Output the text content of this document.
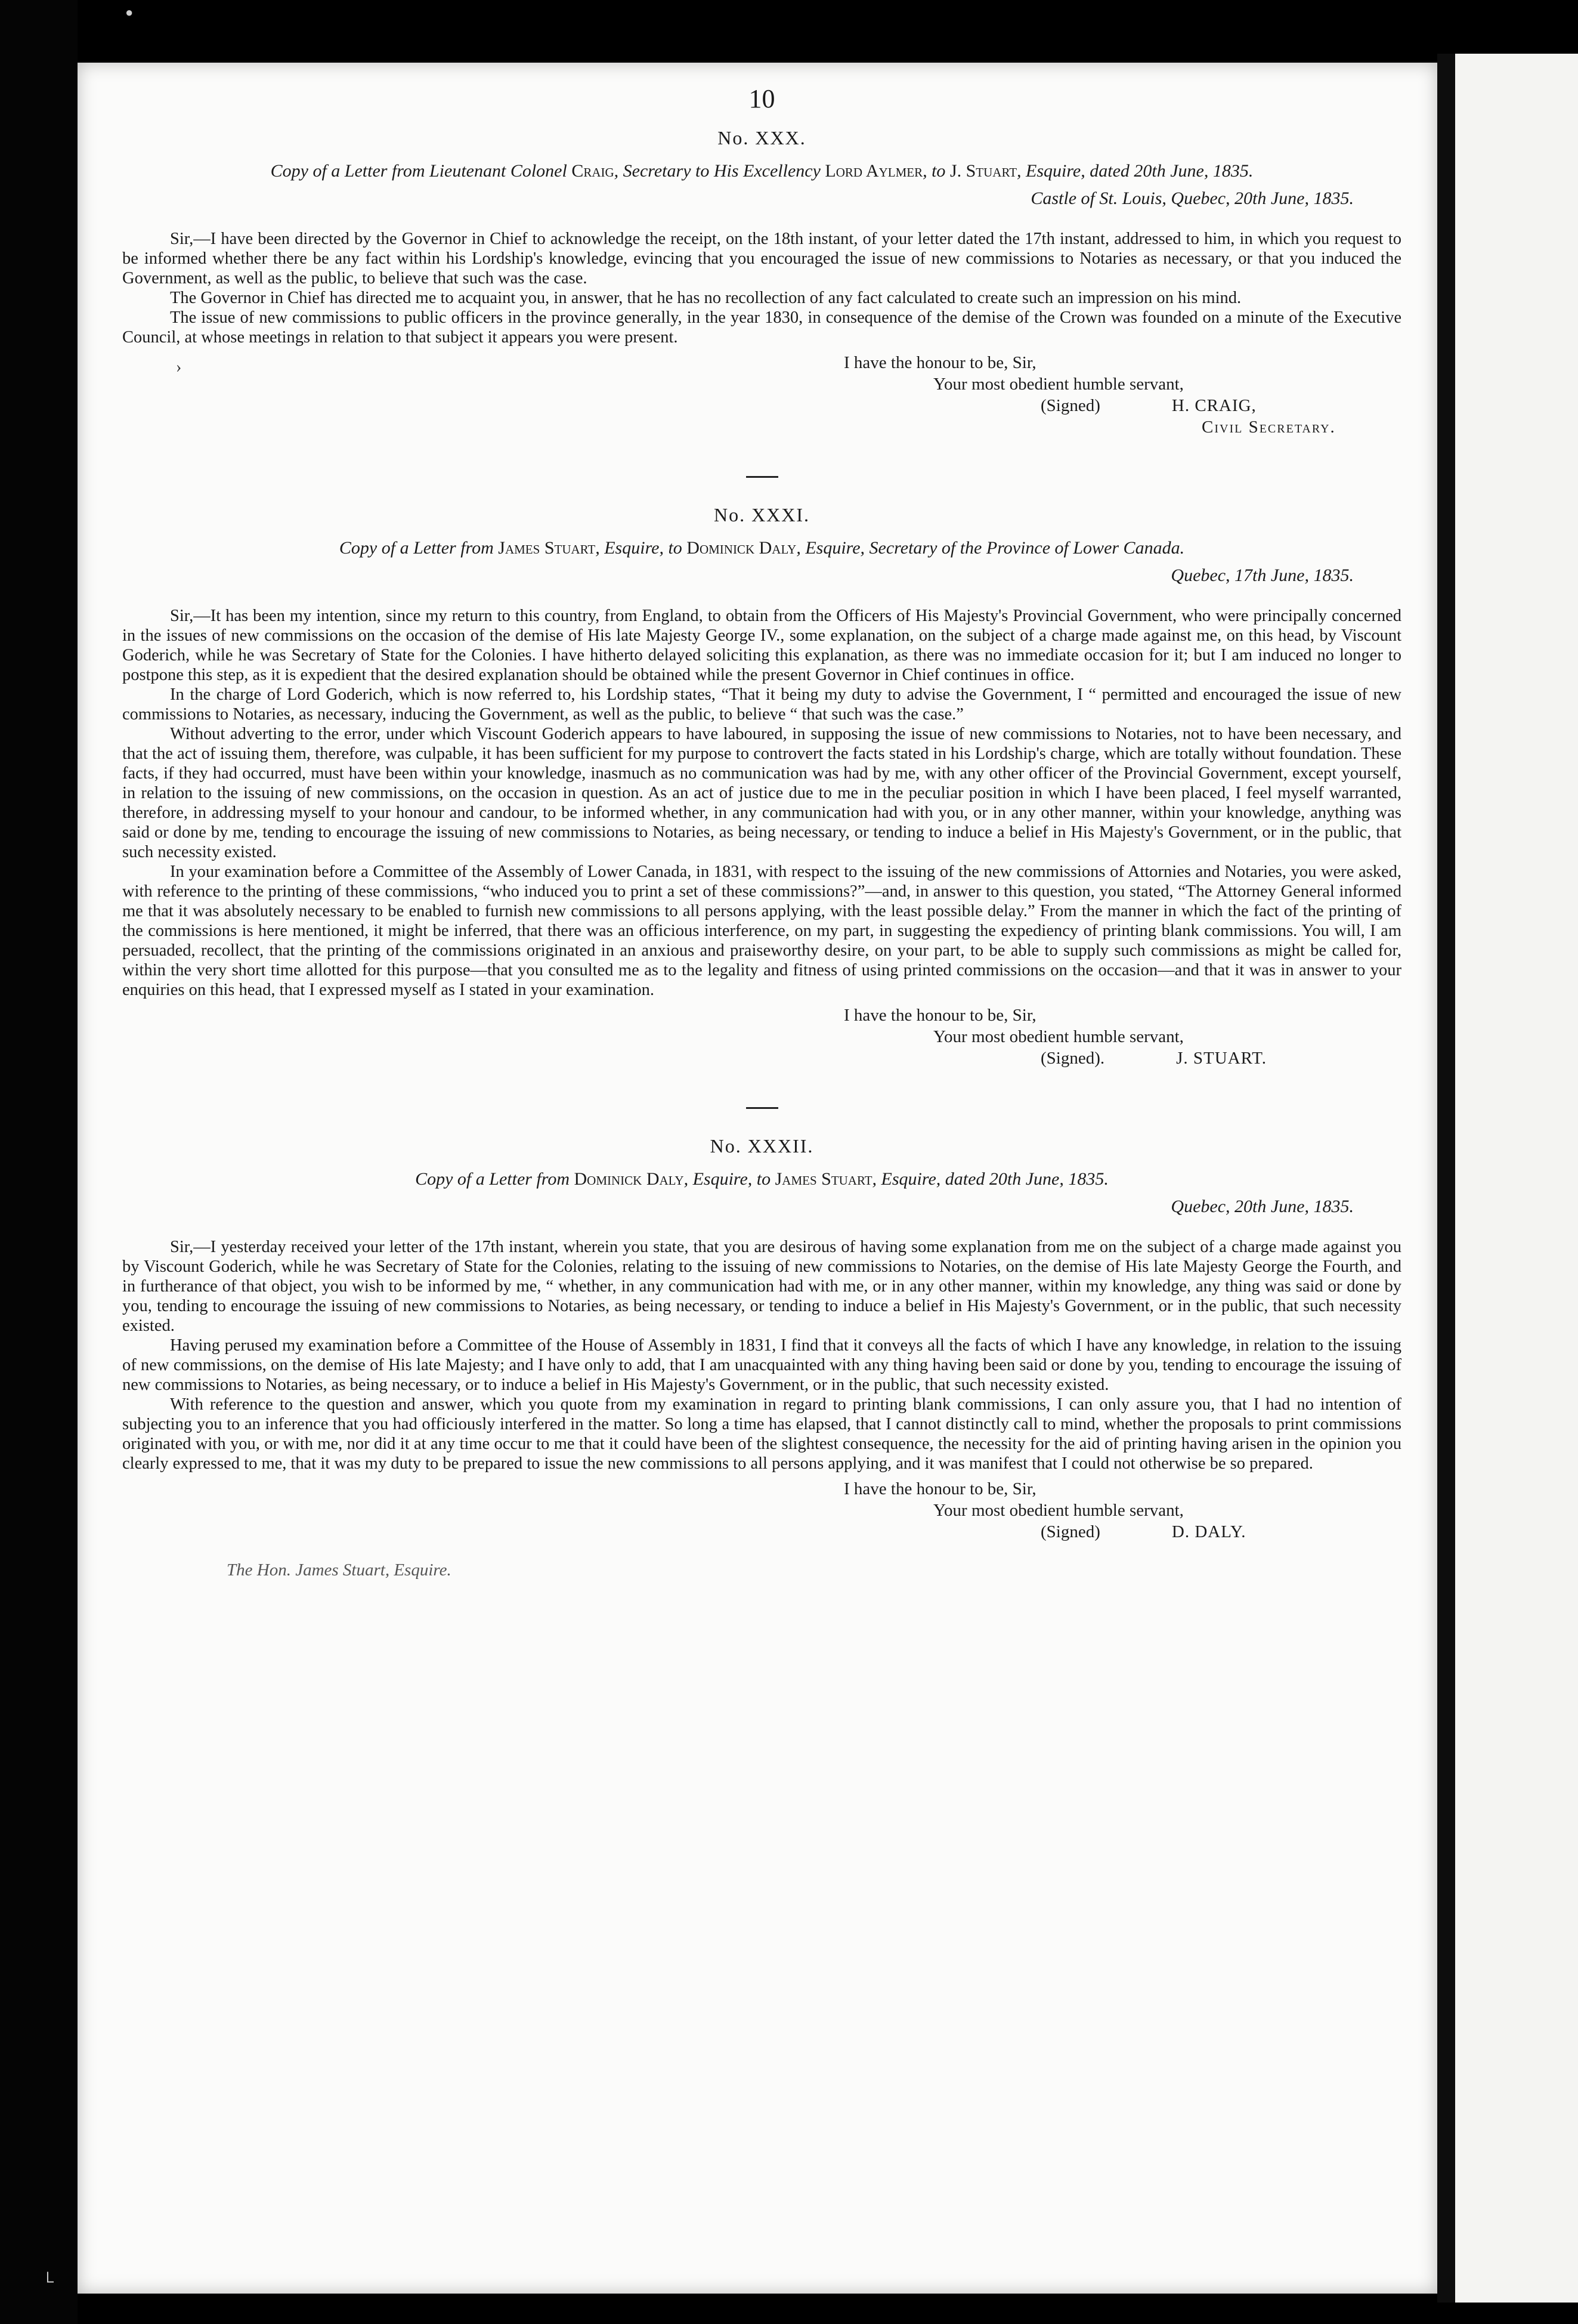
10
No. XXX.
Copy of a Letter from Lieutenant Colonel Craig, Secretary to His Excellency Lord Aylmer, to J. Stuart, Esquire, dated 20th June, 1835.
Castle of St. Louis, Quebec, 20th June, 1835.

Sir,—I have been directed by the Governor in Chief to acknowledge the receipt, on the 18th instant, of your letter dated the 17th instant, addressed to him, in which you request to be informed whether there be any fact within his Lordship's knowledge, evincing that you encouraged the issue of new commissions to Notaries as necessary, or that you induced the Government, as well as the public, to believe that such was the case.

The Governor in Chief has directed me to acquaint you, in answer, that he has no recollection of any fact calculated to create such an impression on his mind.

The issue of new commissions to public officers in the province generally, in the year 1830, in consequence of the demise of the Crown was founded on a minute of the Executive Council, at whose meetings in relation to that subject it appears you were present.

I have the honour to be, Sir,
Your most obedient humble servant,
(Signed)	H. CRAIG,
Civil Secretary.
No. XXXI.
Copy of a Letter from James Stuart, Esquire, to Dominick Daly, Esquire, Secretary of the Province of Lower Canada.
Quebec, 17th June, 1835.

Sir,—It has been my intention, since my return to this country, from England, to obtain from the Officers of His Majesty's Provincial Government, who were principally concerned in the issues of new commissions on the occasion of the demise of His late Majesty George IV., some explanation, on the subject of a charge made against me, on this head, by Viscount Goderich, while he was Secretary of State for the Colonies. I have hitherto delayed soliciting this explanation, as there was no immediate occasion for it; but I am induced no longer to postpone this step, as it is expedient that the desired explanation should be obtained while the present Governor in Chief continues in office.

In the charge of Lord Goderich, which is now referred to, his Lordship states, “That it being my duty to advise the Government, I “ permitted and encouraged the issue of new commissions to Notaries, as necessary, inducing the Government, as well as the public, to believe “ that such was the case.”

Without adverting to the error, under which Viscount Goderich appears to have laboured, in supposing the issue of new commissions to Notaries, not to have been necessary, and that the act of issuing them, therefore, was culpable, it has been sufficient for my purpose to controvert the facts stated in his Lordship's charge, which are totally without foundation. These facts, if they had occurred, must have been within your knowledge, inasmuch as no communication was had by me, with any other officer of the Provincial Government, except yourself, in relation to the issuing of new commissions, on the occasion in question. As an act of justice due to me in the peculiar position in which I have been placed, I feel myself warranted, therefore, in addressing myself to your honour and candour, to be informed whether, in any communication had with you, or in any other manner, within your knowledge, anything was said or done by me, tending to encourage the issuing of new commissions to Notaries, as being necessary, or tending to induce a belief in His Majesty's Government, or in the public, that such necessity existed.

In your examination before a Committee of the Assembly of Lower Canada, in 1831, with respect to the issuing of the new commissions of Attornies and Notaries, you were asked, with reference to the printing of these commissions, “who induced you to print a set of these commissions?”—and, in answer to this question, you stated, “The Attorney General informed me that it was absolutely necessary to be enabled to furnish new commissions to all persons applying, with the least possible delay.” From the manner in which the fact of the printing of the commissions is here mentioned, it might be inferred, that there was an officious interference, on my part, in suggesting the expediency of printing blank commissions. You will, I am persuaded, recollect, that the printing of the commissions originated in an anxious and praiseworthy desire, on your part, to be able to supply such commissions as might be called for, within the very short time allotted for this purpose—that you consulted me as to the legality and fitness of using printed commissions on the occasion—and that it was in answer to your enquiries on this head, that I expressed myself as I stated in your examination.

I have the honour to be, Sir,
Your most obedient humble servant,
(Signed).	J. STUART.
No. XXXII.
Copy of a Letter from Dominick Daly, Esquire, to James Stuart, Esquire, dated 20th June, 1835.
Quebec, 20th June, 1835.

Sir,—I yesterday received your letter of the 17th instant, wherein you state, that you are desirous of having some explanation from me on the subject of a charge made against you by Viscount Goderich, while he was Secretary of State for the Colonies, relating to the issuing of new commissions to Notaries, on the demise of His late Majesty George the Fourth, and in furtherance of that object, you wish to be informed by me, “ whether, in any communication had with me, or in any other manner, within my knowledge, any thing was said or done by you, tending to encourage the issuing of new commissions to Notaries, as being necessary, or tending to induce a belief in His Majesty's Government, or in the public, that such necessity existed.

Having perused my examination before a Committee of the House of Assembly in 1831, I find that it conveys all the facts of which I have any knowledge, in relation to the issuing of new commissions, on the demise of His late Majesty; and I have only to add, that I am unacquainted with any thing having been said or done by you, tending to encourage the issuing of new commissions to Notaries, as being necessary, or to induce a belief in His Majesty's Government, or in the public, that such necessity existed.

With reference to the question and answer, which you quote from my examination in regard to printing blank commissions, I can only assure you, that I had no intention of subjecting you to an inference that you had officiously interfered in the matter. So long a time has elapsed, that I cannot distinctly call to mind, whether the proposals to print commissions originated with you, or with me, nor did it at any time occur to me that it could have been of the slightest consequence, the necessity for the aid of printing having arisen in the opinion you clearly expressed to me, that it was my duty to be prepared to issue the new commissions to all persons applying, and it was manifest that I could not otherwise be so prepared.

I have the honour to be, Sir,
Your most obedient humble servant,
(Signed)	D. DALY.
The Hon. James Stuart, Esquire.
›
└
●
